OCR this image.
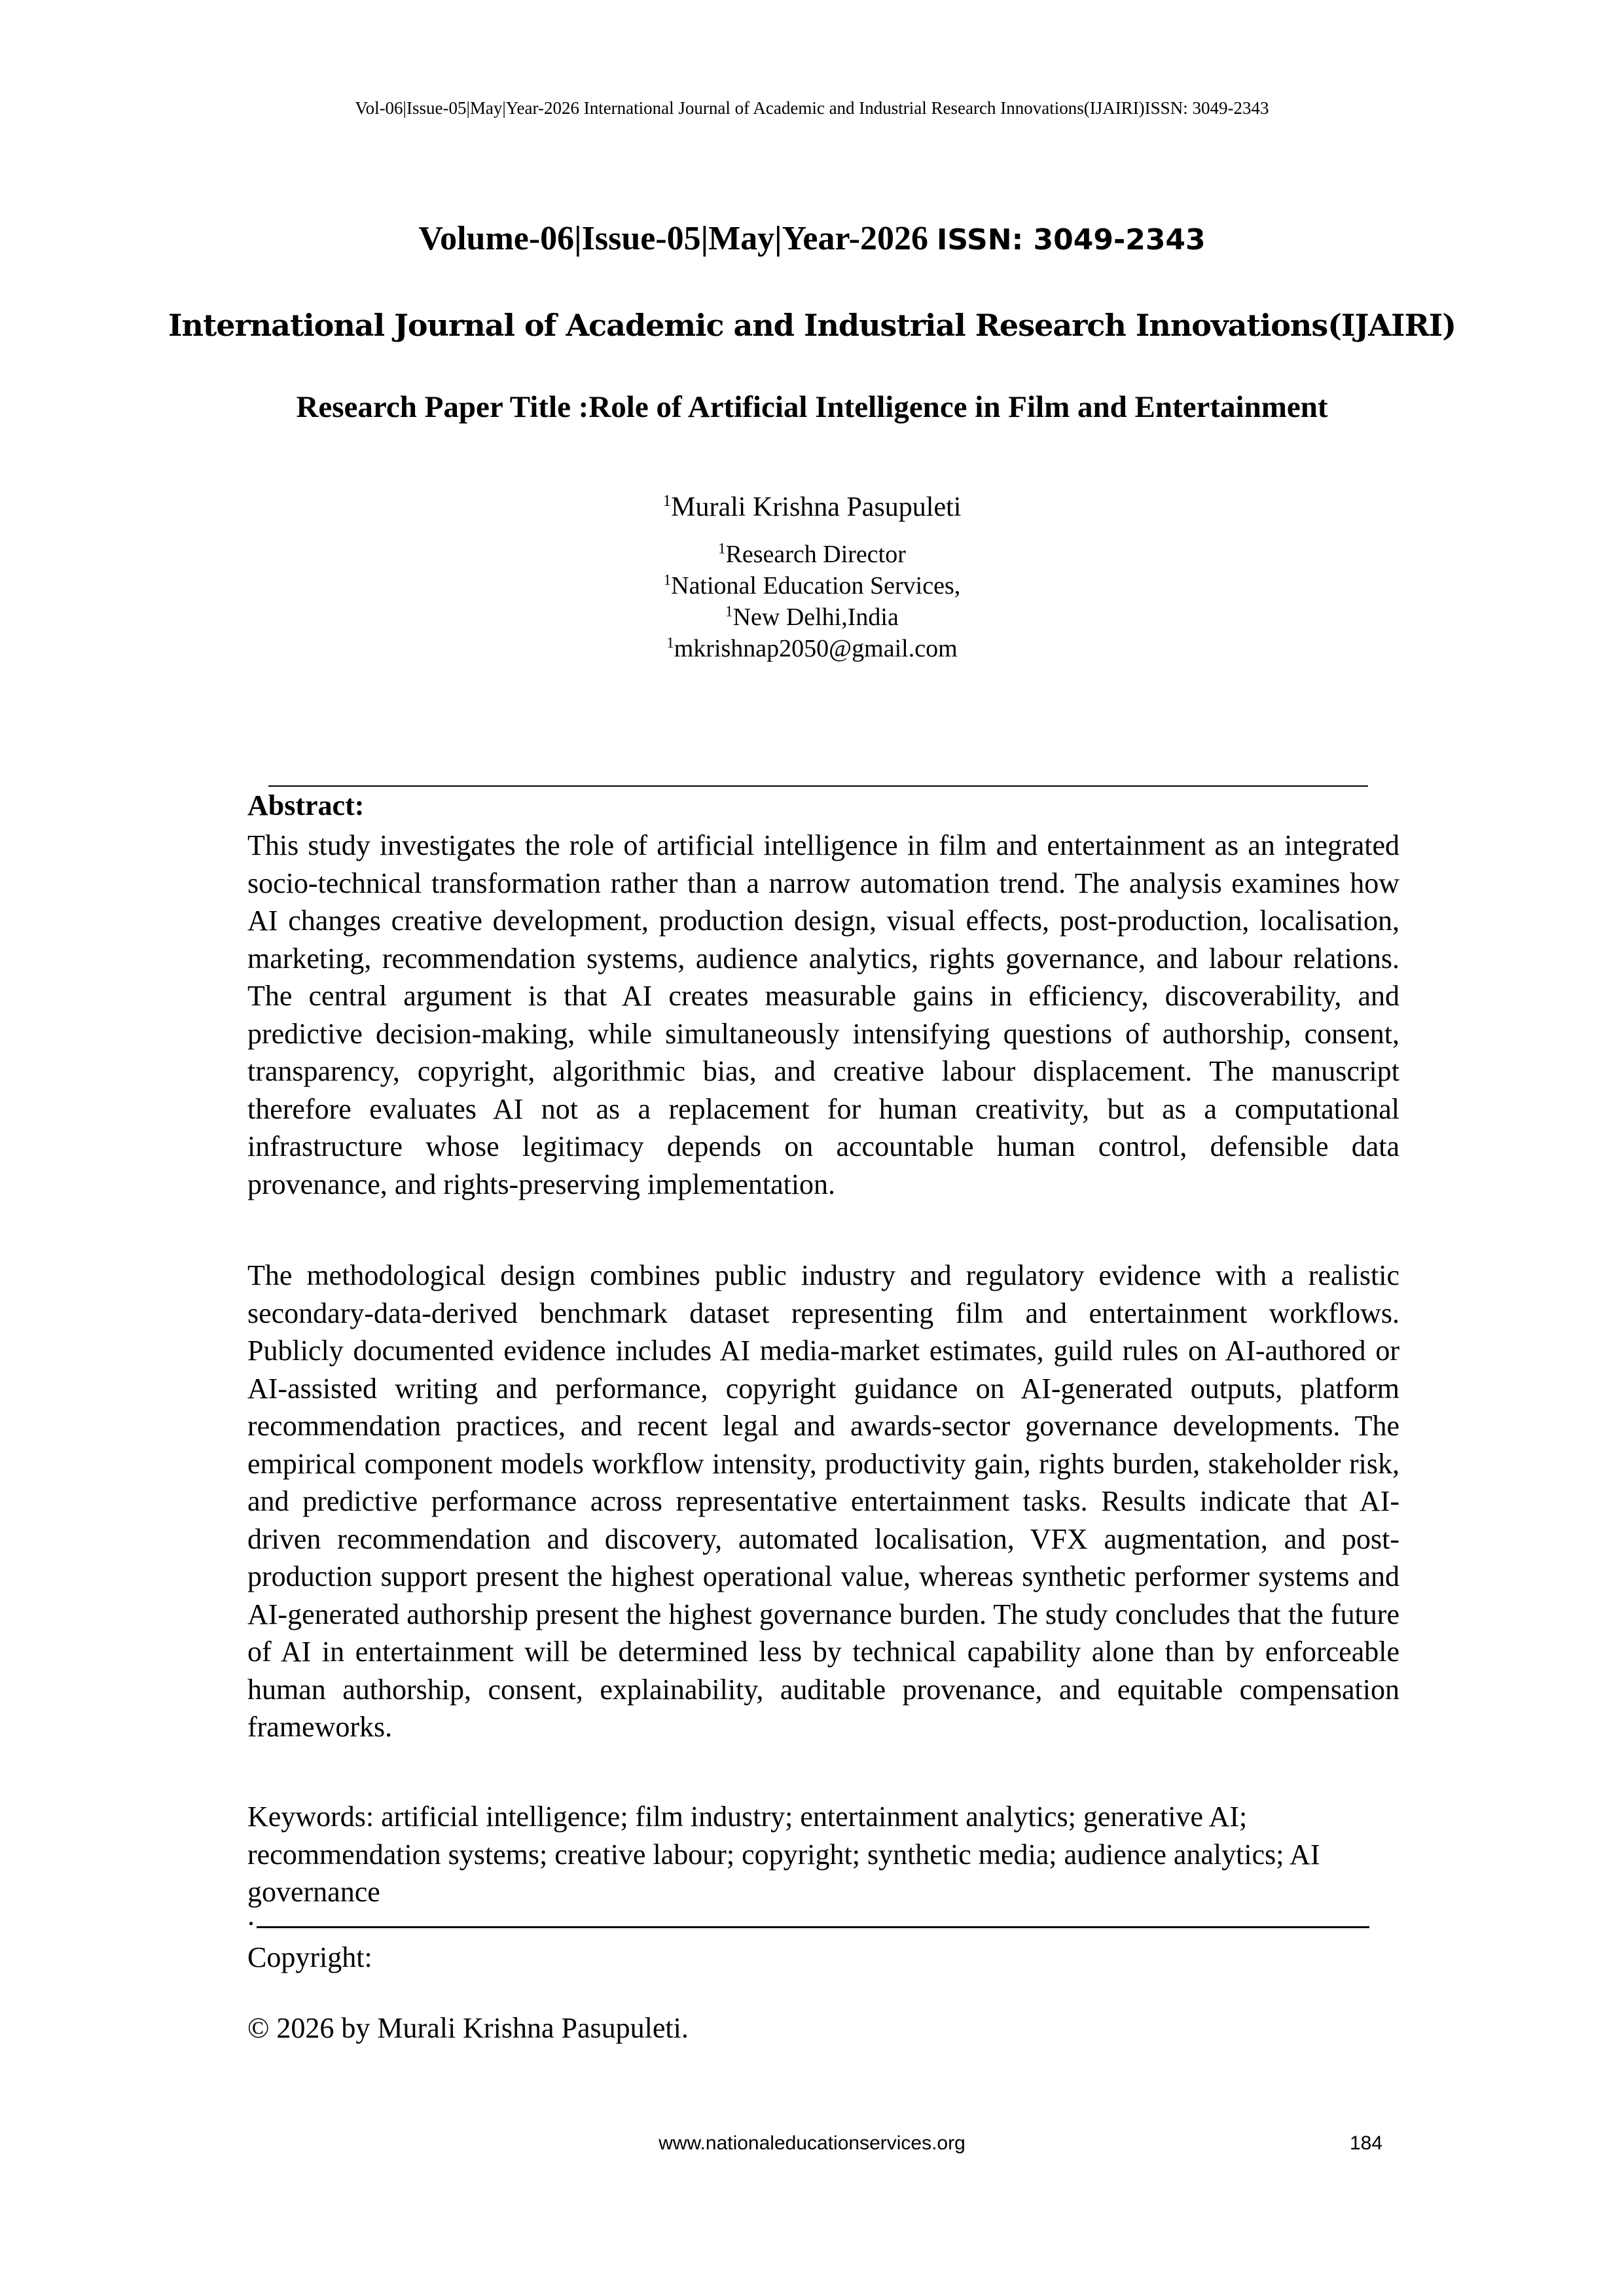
Vol-06|Issue-05|May|Year-2026 International Journal of Academic and Industrial Research Innovations(IJAIRI)ISSN: 3049-2343
Volume-06|Issue-05|May|Year-2026 ISSN: 3049-2343
International Journal of Academic and Industrial Research Innovations(IJAIRI)
Research Paper Title :Role of Artificial Intelligence in Film and Entertainment
$^1$Murali Krishna Pasupuleti
$^1$Research Director
$^1$National Education Services,
$^1$New Delhi,India
$^1$mkrishnap2050@gmail.com
Abstract:
This study investigates the role of artificial intelligence in film and entertainment as an integrated socio-technical transformation rather than a narrow automation trend. The analysis examines how AI changes creative development, production design, visual effects, post-production, localisation, marketing, recommendation systems, audience analytics, rights governance, and labour relations. The central argument is that AI creates measurable gains in efficiency, discoverability, and predictive decision-making, while simultaneously intensifying questions of authorship, consent, transparency, copyright, algorithmic bias, and creative labour displacement. The manuscript therefore evaluates AI not as a replacement for human creativity, but as a computational infrastructure whose legitimacy depends on accountable human control, defensible data provenance, and rights-preserving implementation.
The methodological design combines public industry and regulatory evidence with a realistic secondary-data-derived benchmark dataset representing film and entertainment workflows. Publicly documented evidence includes AI media-market estimates, guild rules on AI-authored or AI-assisted writing and performance, copyright guidance on AI-generated outputs, platform recommendation practices, and recent legal and awards-sector governance developments. The empirical component models workflow intensity, productivity gain, rights burden, stakeholder risk, and predictive performance across representative entertainment tasks. Results indicate that AI-driven recommendation and discovery, automated localisation, VFX augmentation, and post-production support present the highest operational value, whereas synthetic performer systems and AI-generated authorship present the highest governance burden. The study concludes that the future of AI in entertainment will be determined less by technical capability alone than by enforceable human authorship, consent, explainability, auditable provenance, and equitable compensation frameworks.
Keywords: artificial intelligence; film industry; entertainment analytics; generative AI; recommendation systems; creative labour; copyright; synthetic media; audience analytics; AI governance
.
Copyright:
© 2026 by Murali Krishna Pasupuleti.
www.nationaleducationservices.org	184
